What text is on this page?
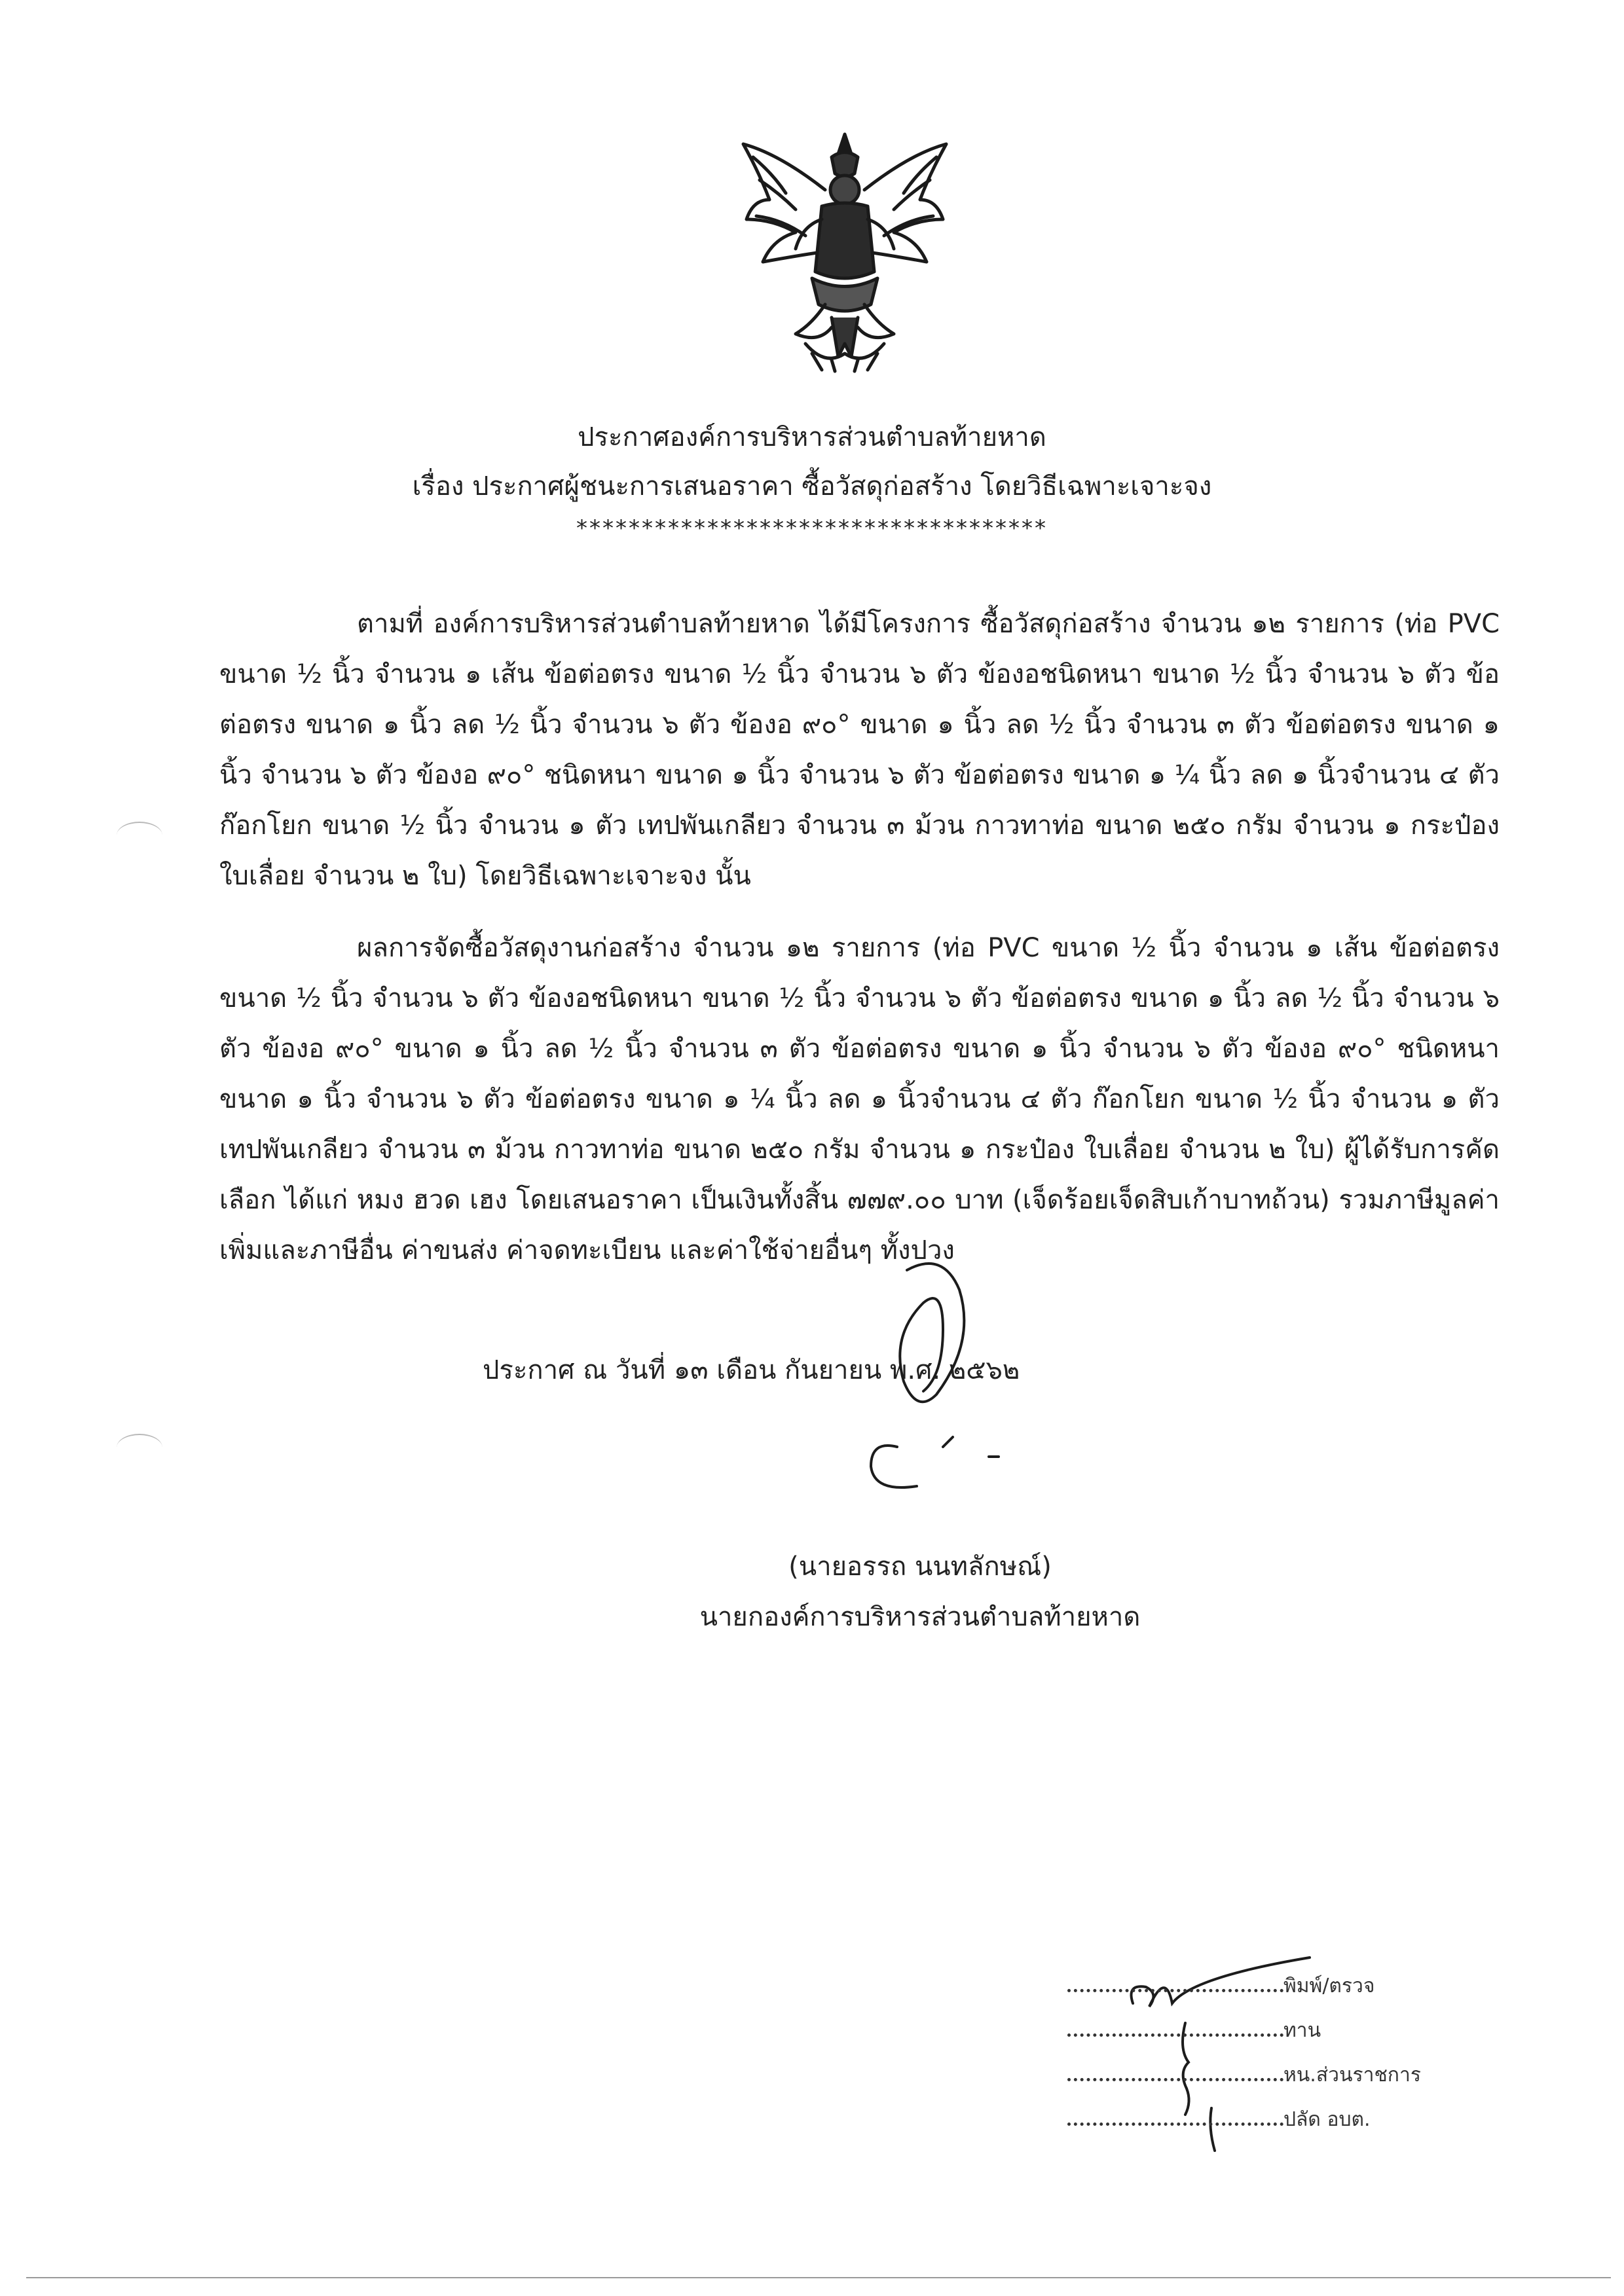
ประกาศองค์การบริหารส่วนตำบลท้ายหาด
เรื่อง ประกาศผู้ชนะการเสนอราคา ซื้อวัสดุก่อสร้าง โดยวิธีเฉพาะเจาะจง
************************************

ตามที่ องค์การบริหารส่วนตำบลท้ายหาด ได้มีโครงการ ซื้อวัสดุก่อสร้าง จำนวน ๑๒ รายการ (ท่อ PVC ขนาด ½ นิ้ว จำนวน ๑ เส้น ข้อต่อตรง ขนาด ½ นิ้ว จำนวน ๖ ตัว ข้องอชนิดหนา ขนาด ½ นิ้ว จำนวน ๖ ตัว ข้อต่อตรง ขนาด ๑ นิ้ว ลด ½ นิ้ว จำนวน ๖ ตัว ข้องอ ๙๐° ขนาด ๑ นิ้ว ลด ½ นิ้ว จำนวน ๓ ตัว ข้อต่อตรง ขนาด ๑ นิ้ว จำนวน ๖ ตัว ข้องอ ๙๐° ชนิดหนา ขนาด ๑ นิ้ว จำนวน ๖ ตัว ข้อต่อตรง ขนาด ๑ ¼ นิ้ว ลด ๑ นิ้วจำนวน ๔ ตัว ก๊อกโยก ขนาด ½ นิ้ว จำนวน ๑ ตัว เทปพันเกลียว จำนวน ๓ ม้วน กาวทาท่อ ขนาด ๒๕๐ กรัม จำนวน ๑ กระป๋อง ใบเลื่อย จำนวน ๒ ใบ) โดยวิธีเฉพาะเจาะจง นั้น

ผลการจัดซื้อวัสดุงานก่อสร้าง จำนวน ๑๒ รายการ (ท่อ PVC ขนาด ½ นิ้ว จำนวน ๑ เส้น ข้อต่อตรง ขนาด ½ นิ้ว จำนวน ๖ ตัว ข้องอชนิดหนา ขนาด ½ นิ้ว จำนวน ๖ ตัว ข้อต่อตรง ขนาด ๑ นิ้ว ลด ½ นิ้ว จำนวน ๖ ตัว ข้องอ ๙๐° ขนาด ๑ นิ้ว ลด ½ นิ้ว จำนวน ๓ ตัว ข้อต่อตรง ขนาด ๑ นิ้ว จำนวน ๖ ตัว ข้องอ ๙๐° ชนิดหนา ขนาด ๑ นิ้ว จำนวน ๖ ตัว ข้อต่อตรง ขนาด ๑ ¼ นิ้ว ลด ๑ นิ้วจำนวน ๔ ตัว ก๊อกโยก ขนาด ½ นิ้ว จำนวน ๑ ตัว เทปพันเกลียว จำนวน ๓ ม้วน กาวทาท่อ ขนาด ๒๕๐ กรัม จำนวน ๑ กระป๋อง ใบเลื่อย จำนวน ๒ ใบ) ผู้ได้รับการคัดเลือก ได้แก่ หมง ฮวด เฮง โดยเสนอราคา เป็นเงินทั้งสิ้น ๗๗๙.๐๐ บาท (เจ็ดร้อยเจ็ดสิบเก้าบาทถ้วน) รวมภาษีมูลค่าเพิ่มและภาษีอื่น ค่าขนส่ง ค่าจดทะเบียน และค่าใช้จ่ายอื่นๆ ทั้งปวง

ประกาศ ณ วันที่ ๑๓ เดือน กันยายน พ.ศ. ๒๕๖๒
(นายอรรถ นนทลักษณ์)
นายกองค์การบริหารส่วนตำบลท้ายหาด
พิมพ์/ตรวจ
ทาน
หน.ส่วนราชการ
ปลัด อบต.
